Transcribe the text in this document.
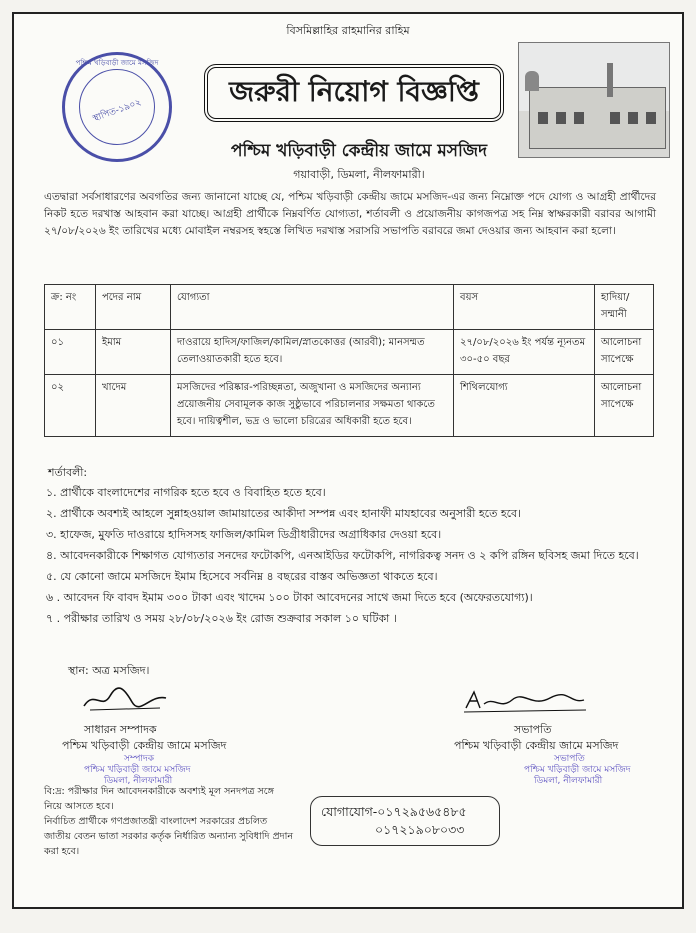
বিসমিল্লাহির রাহমানির রাহিম
পশ্চিম খড়িবাড়ী জামে মসজিদ
স্থাপিত-১৯০২
জরুরী নিয়োগ বিজ্ঞপ্তি
পশ্চিম খড়িবাড়ী কেন্দ্রীয় জামে মসজিদ
গয়াবাড়ী, ডিমলা, নীলফামারী।
এতদ্বারা সর্বসাধারণের অবগতির জন্য জানানো যাচ্ছে যে, পশ্চিম খড়িবাড়ী কেন্দ্রীয় জামে মসজিদ-এর জন্য নিম্নোক্ত পদে যোগ্য ও আগ্রহী প্রার্থীদের নিকট হতে দরখাস্ত আহবান করা যাচ্ছে। আগ্রহী প্রার্থীকে নিম্নবর্ণিত যোগ্যতা, শর্তাবলী ও প্রয়োজনীয় কাগজপত্র সহ নিম্ন স্বাক্ষরকারী বরাবর আগামী ২৭/০৮/২০২৬ ইং তারিখের মধ্যে মোবাইল নম্বরসহ স্বহস্তে লিখিত দরখাস্ত সরাসরি সভাপতি বরাবরে জমা দেওয়ার জন্য আহবান করা হলো।
ক্র: নং	পদের নাম	যোগ্যতা	বয়স	হাদিয়া/সম্মানী
০১	ইমাম	দাওরায়ে হাদিস/ফাজিল/কামিল/স্নাতকোত্তর (আরবী); মানসম্মত তেলাওয়াতকারী হতে হবে।	২৭/০৮/২০২৬ ইং পর্যন্ত ন্যূনতম ৩০-৫০ বছর	আলোচনা সাপেক্ষে
০২	খাদেম	মসজিদের পরিষ্কার-পরিচ্ছন্নতা, অজুখানা ও মসজিদের অন্যান্য প্রয়োজনীয় সেবামূলক কাজ সুষ্ঠুভাবে পরিচালনার সক্ষমতা থাকতে হবে। দায়িত্বশীল, ভদ্র ও ভালো চরিত্রের অধিকারী হতে হবে।	শিথিলযোগ্য	আলোচনা সাপেক্ষে
শর্তাবলী:
১. প্রার্থীকে বাংলাদেশের নাগরিক হতে হবে ও বিবাহিত হতে হবে।
২. প্রার্থীকে অবশ্যই আহলে সুন্নাহওয়াল জামায়াতের আকীদা সম্পন্ন এবং হানাফী মাযহাবের অনুসারী হতে হবে।
৩. হাফেজ, মুফতি দাওরায়ে হাদিসসহ ফাজিল/কামিল ডিগ্রীধারীদের অগ্রাধিকার দেওয়া হবে।
৪. আবেদনকারীকে শিক্ষাগত যোগ্যতার সনদের ফটোকপি, এনআইডির ফটোকপি, নাগরিকত্ব সনদ ও ২ কপি রঙ্গিন ছবিসহ জমা দিতে হবে।
৫. যে কোনো জামে মসজিদে ইমাম হিসেবে সর্বনিম্ন ৪ বছরের বাস্তব অভিজ্ঞতা থাকতে হবে।
৬ . আবেদন ফি বাবদ ইমাম ৩০০ টাকা এবং খাদেম ১০০ টাকা আবেদনের সাথে জমা দিতে হবে (অফেরতযোগ্য)।
৭ . পরীক্ষার তারিখ ও সময় ২৮/০৮/২০২৬ ইং রোজ শুক্রবার সকাল ১০ ঘটিকা ।
স্থান: অত্র মসজিদ।
সাধারন সম্পাদক
পশ্চিম খড়িবাড়ী কেন্দ্রীয় জামে মসজিদ
সম্পাদক
পশ্চিম খড়িবাড়ী জামে মসজিদ
ডিমলা, নীলফামারী
সভাপতি
পশ্চিম খড়িবাড়ী কেন্দ্রীয় জামে মসজিদ
সভাপতি
পশ্চিম খড়িবাড়ী জামে মসজিদ
ডিমলা, নীলফামারী
বি:দ্র: পরীক্ষার দিন আবেদনকারীকে অবশ্যই মূল সনদপত্র সঙ্গে নিয়ে আসতে হবে।
নির্বাচিত প্রার্থীকে গণপ্রজাতন্ত্রী বাংলাদেশ সরকারের প্রচলিত জাতীয় বেতন ভাতা সরকার কর্তৃক নির্ধারিত অন্যান্য সুবিধাদি প্রদান করা হবে।
যোগাযোগ-০১৭২৯৫৬৫৪৮৫
০১৭২১৯০৮০৩৩
